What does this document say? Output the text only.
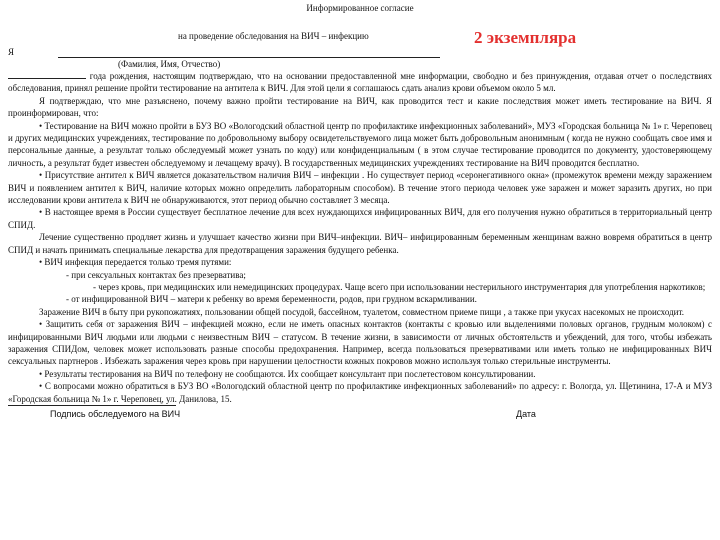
Информированное согласие
на проведение обследования на ВИЧ – инфекцию	2 экземпляра
Я
(Фамилия, Имя, Отчество)

года рождения, настоящим подтверждаю, что на основании предоставленной мне информации, свободно и без принуждения, отдавая отчет о последствиях обследования, принял решение пройти тестирование на антитела к ВИЧ. Для этой цели я соглашаюсь сдать анализ крови объемом около 5 мл.

Я подтверждаю, что мне разъяснено, почему важно пройти тестирование на ВИЧ, как проводится тест и какие последствия может иметь тестирование на ВИЧ. Я проинформирован, что:

• Тестирование на ВИЧ можно пройти в БУЗ ВО «Вологодский областной центр по профилактике инфекционных заболеваний», МУЗ «Городская больница № 1» г. Череповец и других медицинских учреждениях, тестирование по добровольному выбору освидетельствуемого лица может быть добровольным анонимным ( когда не нужно сообщать свое имя и персональные данные, а результат только обследуемый может узнать по коду) или конфиденциальным ( в этом случае тестирование проводится по документу, удостоверяющему личность, а результат будет известен обследуемому и лечащему врачу). В государственных медицинских учреждениях тестирование на ВИЧ проводится бесплатно.

• Присутствие антител к ВИЧ является доказательством наличия ВИЧ – инфекции . Но существует период «серонегативного окна» (промежуток времени между заражением ВИЧ и появлением антител к ВИЧ, наличие которых можно определить лабораторным способом). В течение этого периода человек уже заражен и может заразить других, но при исследовании крови антитела к ВИЧ не обнаруживаются, этот период обычно составляет 3 месяца.

• В настоящее время в России существует бесплатное лечение для всех нуждающихся инфицированных ВИЧ, для его получения нужно обратиться в территориальный центр СПИД.

Лечение существенно продляет жизнь и улучшает качество жизни при ВИЧ–инфекции. ВИЧ– инфицированным беременным женщинам важно вовремя обратиться в центр СПИД и начать принимать специальные лекарства для предотвращения заражения будущего ребенка.

• ВИЧ инфекция передается только тремя путями:

- при сексуальных контактах без презерватива;

- через кровь, при медицинских или немедицинских процедурах. Чаще всего при использовании нестерильного инструментария для употребления наркотиков;

- от инфицированной ВИЧ – матери к ребенку во время беременности, родов, при грудном вскармливании.

Заражение ВИЧ в быту при рукопожатиях, пользовании общей посудой, бассейном, туалетом, совместном приеме пищи , а также при укусах насекомых не происходит.

• Защитить себя от заражения ВИЧ – инфекцией можно, если не иметь опасных контактов (контакты с кровью или выделениями половых органов, грудным молоком) с инфицированными ВИЧ людьми или людьми с неизвестным ВИЧ – статусом. В течение жизни, в зависимости от личных обстоятельств и убеждений, для того, чтобы избежать заражения СПИДом, человек может использовать разные способы предохранения. Например, всегда пользоваться презервативами или иметь только не инфицированных ВИЧ сексуальных партнеров . Избежать заражения через кровь при нарушении целостности кожных покровов можно используя только стерильные инструменты.

• Результаты тестирования на ВИЧ по телефону не сообщаются. Их сообщает консультант при послетестовом консультировании.

• С вопросами можно обратиться в БУЗ ВО «Вологодский областной центр по профилактике инфекционных заболеваний» по адресу: г. Вологда, ул. Щетинина, 17-А и МУЗ «Городская больница № 1» г. Череповец, ул. Данилова, 15.

Подпись обследуемого на ВИЧ	Дата
